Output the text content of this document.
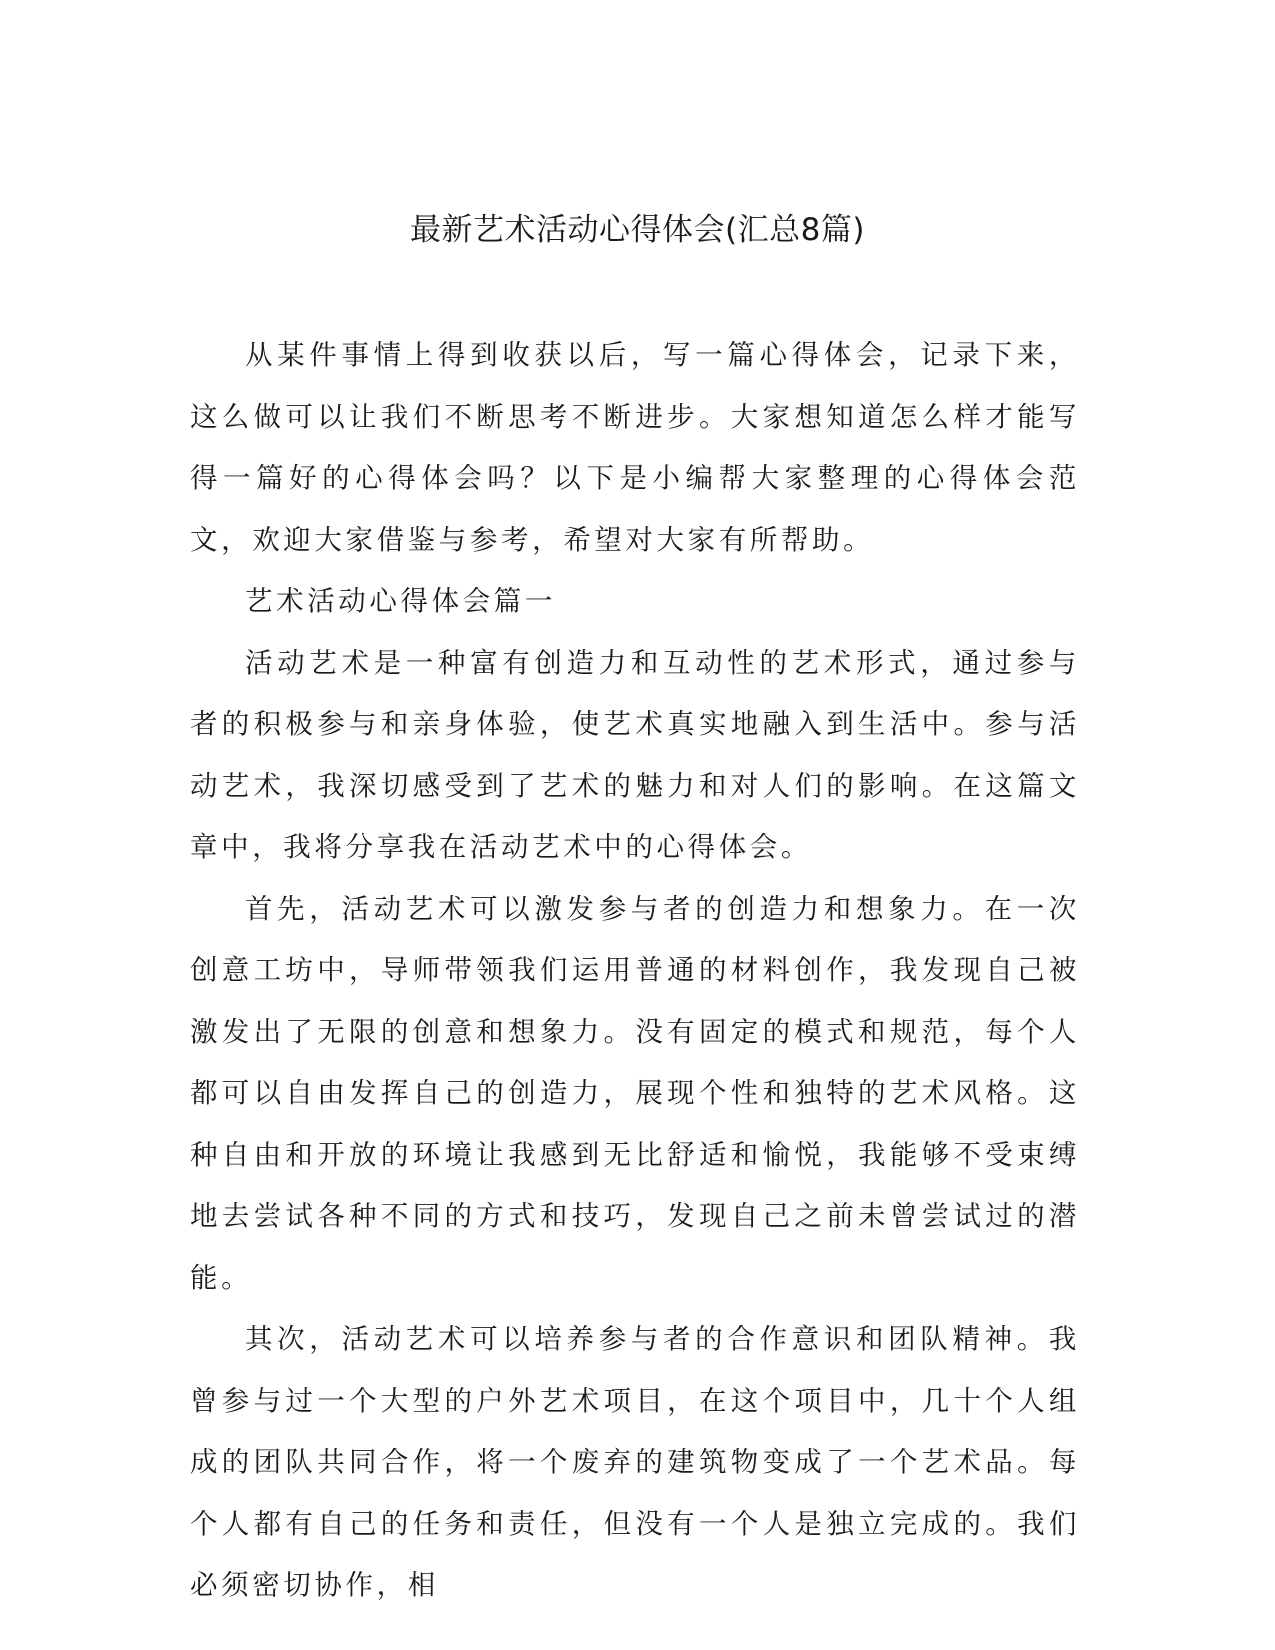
最新艺术活动心得体会(汇总8篇)

从某件事情上得到收获以后，写一篇心得体会，记录下来，这么做可以让我们不断思考不断进步。大家想知道怎么样才能写得一篇好的心得体会吗？以下是小编帮大家整理的心得体会范文，欢迎大家借鉴与参考，希望对大家有所帮助。

艺术活动心得体会篇一

活动艺术是一种富有创造力和互动性的艺术形式，通过参与者的积极参与和亲身体验，使艺术真实地融入到生活中。参与活动艺术，我深切感受到了艺术的魅力和对人们的影响。在这篇文章中，我将分享我在活动艺术中的心得体会。

首先，活动艺术可以激发参与者的创造力和想象力。在一次创意工坊中，导师带领我们运用普通的材料创作，我发现自己被激发出了无限的创意和想象力。没有固定的模式和规范，每个人都可以自由发挥自己的创造力，展现个性和独特的艺术风格。这种自由和开放的环境让我感到无比舒适和愉悦，我能够不受束缚地去尝试各种不同的方式和技巧，发现自己之前未曾尝试过的潜能。

其次，活动艺术可以培养参与者的合作意识和团队精神。我曾参与过一个大型的户外艺术项目，在这个项目中，几十个人组成的团队共同合作，将一个废弃的建筑物变成了一个艺术品。每个人都有自己的任务和责任，但没有一个人是独立完成的。我们必须密切协作，相
